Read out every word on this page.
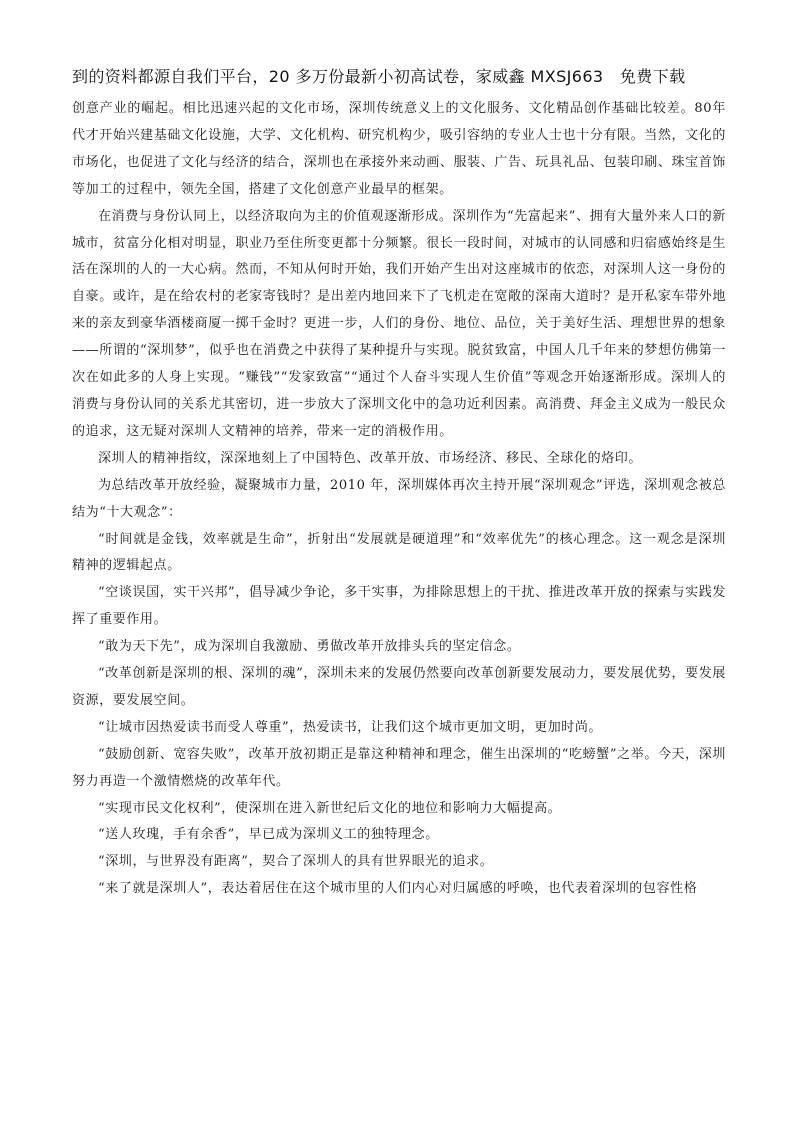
到的资料都源自我们平台，20 多万份最新小初高试卷，家威鑫 MXSJ663　免费下载

创意产业的崛起。相比迅速兴起的文化市场，深圳传统意义上的文化服务、文化精品创作基础比较差。80年代才开始兴建基础文化设施，大学、文化机构、研究机构少，吸引容纳的专业人士也十分有限。当然，文化的市场化，也促进了文化与经济的结合，深圳也在承接外来动画、服装、广告、玩具礼品、包装印刷、珠宝首饰等加工的过程中，领先全国，搭建了文化创意产业最早的框架。

在消费与身份认同上，以经济取向为主的价值观逐渐形成。深圳作为“先富起来”、拥有大量外来人口的新城市，贫富分化相对明显，职业乃至住所变更都十分频繁。很长一段时间，对城市的认同感和归宿感始终是生活在深圳的人的一大心病。然而，不知从何时开始，我们开始产生出对这座城市的依恋，对深圳人这一身份的自豪。或许，是在给农村的老家寄钱时？是出差内地回来下了飞机走在宽敞的深南大道时？是开私家车带外地来的亲友到豪华酒楼商厦一掷千金时？更进一步，人们的身份、地位、品位，关于美好生活、理想世界的想象——所谓的“深圳梦”，似乎也在消费之中获得了某种提升与实现。脱贫致富，中国人几千年来的梦想仿佛第一次在如此多的人身上实现。“赚钱”“发家致富”“通过个人奋斗实现人生价值”等观念开始逐渐形成。深圳人的消费与身份认同的关系尤其密切，进一步放大了深圳文化中的急功近利因素。高消费、拜金主义成为一般民众的追求，这无疑对深圳人文精神的培养，带来一定的消极作用。

深圳人的精神指纹，深深地刻上了中国特色、改革开放、市场经济、移民、全球化的烙印。

为总结改革开放经验，凝聚城市力量，2010 年，深圳媒体再次主持开展“深圳观念”评选，深圳观念被总结为“十大观念”：

“时间就是金钱，效率就是生命”，折射出“发展就是硬道理”和“效率优先”的核心理念。这一观念是深圳精神的逻辑起点。

“空谈误国，实干兴邦”，倡导减少争论，多干实事，为排除思想上的干扰、推进改革开放的探索与实践发挥了重要作用。

“敢为天下先”，成为深圳自我激励、勇做改革开放排头兵的坚定信念。

“改革创新是深圳的根、深圳的魂”，深圳未来的发展仍然要向改革创新要发展动力，要发展优势，要发展资源，要发展空间。

“让城市因热爱读书而受人尊重”，热爱读书，让我们这个城市更加文明，更加时尚。

“鼓励创新、宽容失败”，改革开放初期正是靠这种精神和理念，催生出深圳的“吃螃蟹”之举。今天，深圳努力再造一个激情燃烧的改革年代。

“实现市民文化权利”，使深圳在进入新世纪后文化的地位和影响力大幅提高。

“送人玫瑰，手有余香”，早已成为深圳义工的独特理念。

“深圳，与世界没有距离”，契合了深圳人的具有世界眼光的追求。

“来了就是深圳人”，表达着居住在这个城市里的人们内心对归属感的呼唤，也代表着深圳的包容性格
